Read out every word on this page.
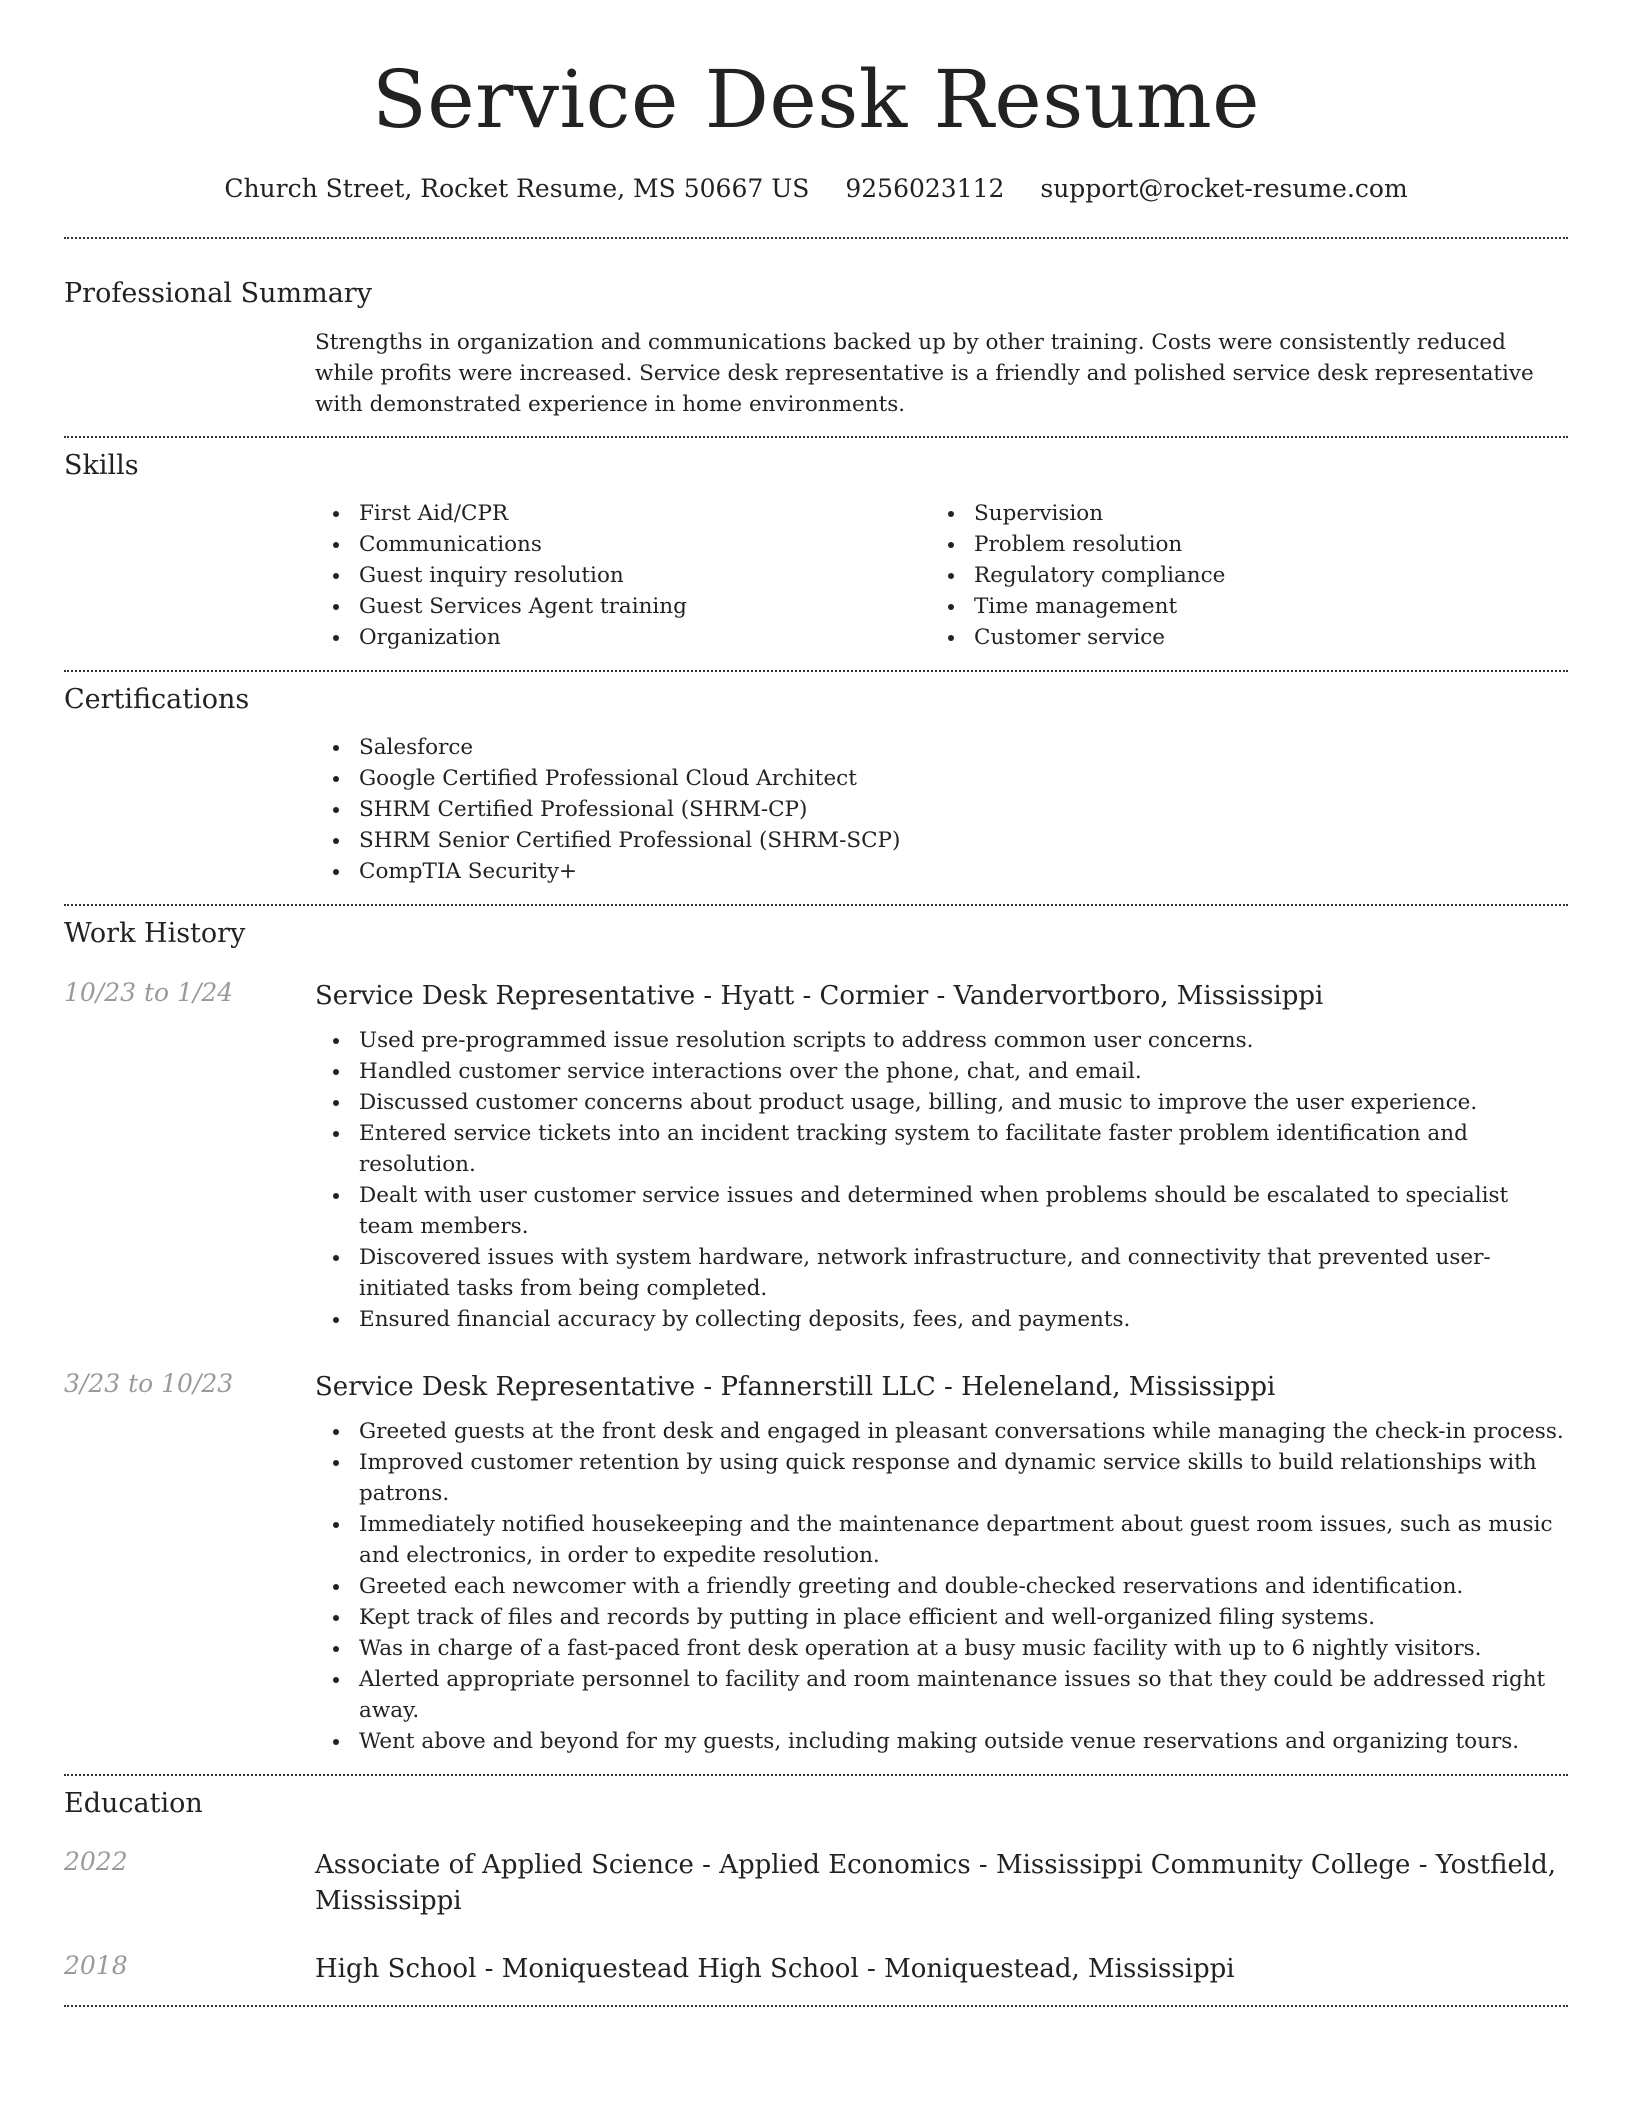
Service Desk Resume
Church Street, Rocket Resume, MS 50667 US 9256023112 support@rocket-resume.com
Professional Summary
Strengths in organization and communications backed up by other training. Costs were consistently reduced while profits were increased. Service desk representative is a friendly and polished service desk representative with demonstrated experience in home environments.
Skills
First Aid/CPR
Communications
Guest inquiry resolution
Guest Services Agent training
Organization
Supervision
Problem resolution
Regulatory compliance
Time management
Customer service
Certifications
Salesforce
Google Certified Professional Cloud Architect
SHRM Certified Professional (SHRM-CP)
SHRM Senior Certified Professional (SHRM-SCP)
CompTIA Security+
Work History
10/23 to 1/24	Service Desk Representative - Hyatt - Cormier - Vandervortboro, Mississippi
Used pre-programmed issue resolution scripts to address common user concerns.
Handled customer service interactions over the phone, chat, and email.
Discussed customer concerns about product usage, billing, and music to improve the user experience.
Entered service tickets into an incident tracking system to facilitate faster problem identification and resolution.
Dealt with user customer service issues and determined when problems should be escalated to specialist team members.
Discovered issues with system hardware, network infrastructure, and connectivity that prevented user-initiated tasks from being completed.
Ensured financial accuracy by collecting deposits, fees, and payments.
3/23 to 10/23	Service Desk Representative - Pfannerstill LLC - Heleneland, Mississippi
Greeted guests at the front desk and engaged in pleasant conversations while managing the check-in process.
Improved customer retention by using quick response and dynamic service skills to build relationships with patrons.
Immediately notified housekeeping and the maintenance department about guest room issues, such as music and electronics, in order to expedite resolution.
Greeted each newcomer with a friendly greeting and double-checked reservations and identification.
Kept track of files and records by putting in place efficient and well-organized filing systems.
Was in charge of a fast-paced front desk operation at a busy music facility with up to 6 nightly visitors.
Alerted appropriate personnel to facility and room maintenance issues so that they could be addressed right away.
Went above and beyond for my guests, including making outside venue reservations and organizing tours.
Education
2022	Associate of Applied Science - Applied Economics - Mississippi Community College - Yostfield, Mississippi
2018	High School - Moniquestead High School - Moniquestead, Mississippi
